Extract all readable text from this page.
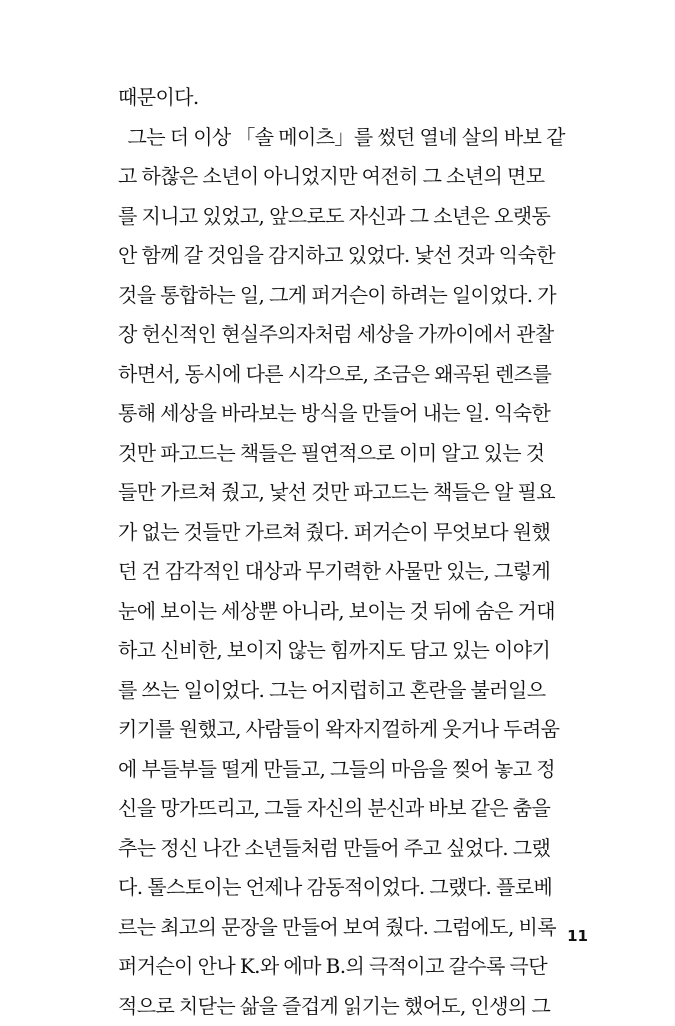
때문이다.
그는 더 이상 「솔 메이츠」를 썼던 열네 살의 바보 같
고 하찮은 소년이 아니었지만 여전히 그 소년의 면모
를 지니고 있었고, 앞으로도 자신과 그 소년은 오랫동
안 함께 갈 것임을 감지하고 있었다. 낯선 것과 익숙한
것을 통합하는 일, 그게 퍼거슨이 하려는 일이었다. 가
장 헌신적인 현실주의자처럼 세상을 가까이에서 관찰
하면서, 동시에 다른 시각으로, 조금은 왜곡된 렌즈를
통해 세상을 바라보는 방식을 만들어 내는 일. 익숙한
것만 파고드는 책들은 필연적으로 이미 알고 있는 것
들만 가르쳐 줬고, 낯선 것만 파고드는 책들은 알 필요
가 없는 것들만 가르쳐 줬다. 퍼거슨이 무엇보다 원했
던 건 감각적인 대상과 무기력한 사물만 있는, 그렇게
눈에 보이는 세상뿐 아니라, 보이는 것 뒤에 숨은 거대
하고 신비한, 보이지 않는 힘까지도 담고 있는 이야기
를 쓰는 일이었다. 그는 어지럽히고 혼란을 불러일으
키기를 원했고, 사람들이 왁자지껄하게 웃거나 두려움
에 부들부들 떨게 만들고, 그들의 마음을 찢어 놓고 정
신을 망가뜨리고, 그들 자신의 분신과 바보 같은 춤을
추는 정신 나간 소년들처럼 만들어 주고 싶었다. 그랬
다. 톨스토이는 언제나 감동적이었다. 그랬다. 플로베
르는 최고의 문장을 만들어 보여 줬다. 그럼에도, 비록
퍼거슨이 안나 K.와 에마 B.의 극적이고 갈수록 극단
적으로 치닫는 삶을 즐겁게 읽기는 했어도, 인생의 그
11
